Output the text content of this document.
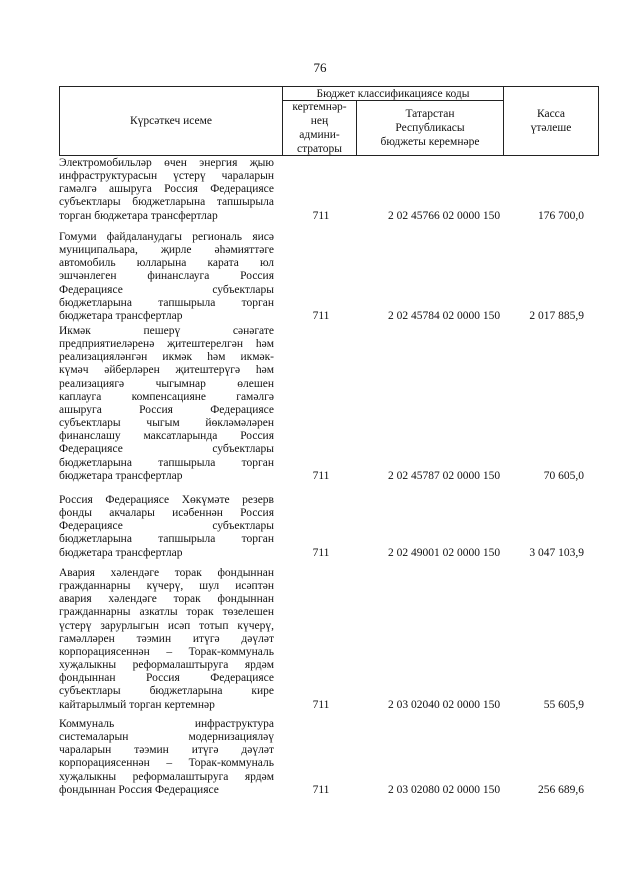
76
Күрсәткеч исеме
Бюджет классификациясе коды
кертемнәр-
нең
админи-
страторы
Татарстан
Республикасы
бюджеты керемнәре
Касса
үтәлеше
Электромобильләр өчен энергия җыю
инфраструктурасын үстерү чараларын
гамәлгә ашыруга Россия Федерациясе
субъектлары бюджетларына тапшырыла
торган бюджетара трансфертлар	711	2 02 45766 02 0000 150	176 700,0
Гомуми файдаланудагы региональ яисә
муниципальара, җирле әһәмияттәге
автомобиль юлларына карата юл
эшчәнлеген финанслауга Россия
Федерациясе субъектлары
бюджетларына тапшырыла торган
бюджетара трансфертлар	711	2 02 45784 02 0000 150	2 017 885,9
Икмәк пешерү сәнәгате
предприятиеләренә җитештерелгән һәм
реализацияләнгән икмәк һәм икмәк-
күмәч әйберләрен җитештерүгә һәм
реализациягә чыгымнар өлешен
каплауга компенсацияне гамәлгә
ашыруга Россия Федерациясе
субъектлары чыгым йөкләмәләрен
финанслашу максатларында Россия
Федерациясе субъектлары
бюджетларына тапшырыла торган
бюджетара трансфертлар	711	2 02 45787 02 0000 150	70 605,0
Россия Федерациясе Хөкүмәте резерв
фонды акчалары исәбеннән Россия
Федерациясе субъектлары
бюджетларына тапшырыла торган
бюджетара трансфертлар	711	2 02 49001 02 0000 150	3 047 103,9
Авария хәлендәге торак фондыннан
гражданнарны күчерү, шул исәптән
авария хәлендәге торак фондыннан
гражданнарны азкатлы торак төзелешен
үстерү зарурлыгын исәп тотып күчерү,
гамәлләрен тәэмин итүгә дәүләт
корпорациясеннән – Торак-коммуналь
хуҗалыкны реформалаштыруга ярдәм
фондыннан Россия Федерациясе
субъектлары бюджетларына кире
кайтарылмый торган кертемнәр	711	2 03 02040 02 0000 150	55 605,9
Коммуналь инфраструктура
системаларын модернизацияләү
чараларын тәэмин итүгә дәүләт
корпорациясеннән – Торак-коммуналь
хуҗалыкны реформалаштыруга ярдәм
фондыннан Россия Федерациясе	711	2 03 02080 02 0000 150	256 689,6
